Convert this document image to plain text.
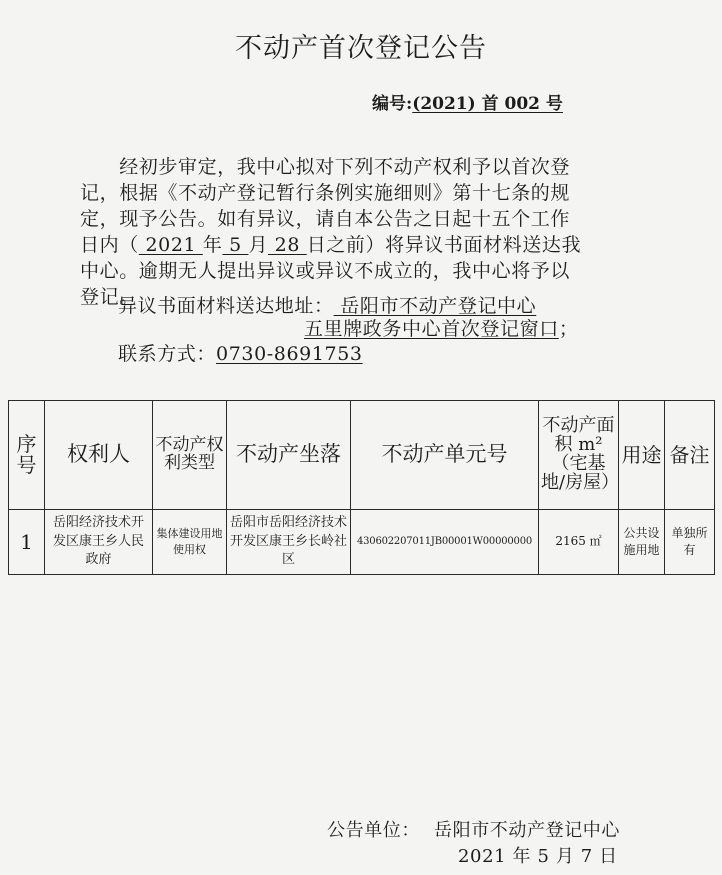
不动产首次登记公告
编号:(2021) 首 002 号
　　经初步审定，我中心拟对下列不动产权利予以首次登
记，根据《不动产登记暂行条例实施细则》第十七条的规
定，现予公告。如有异议，请自本公告之日起十五个工作
日内（ 2021 年 5 月 28 日之前）将异议书面材料送达我
中心。逾期无人提出异议或异议不成立的，我中心将予以
登记。
异议书面材料送达地址： 岳阳市不动产登记中心
五里牌政务中心首次登记窗口；
联系方式：0730-8691753
序号	权利人	不动产权利类型	不动产坐落	不动产单元号	不动产面积 m²（宅基地/房屋）	用途	备注
1	岳阳经济技术开发区康王乡人民政府	集体建设用地使用权	岳阳市岳阳经济技术开发区康王乡长岭社区	430602207011JB00001W00000000	2165 ㎡	公共设施用地	单独所有
公告单位： 岳阳市不动产登记中心
2021 年 5 月 7 日
